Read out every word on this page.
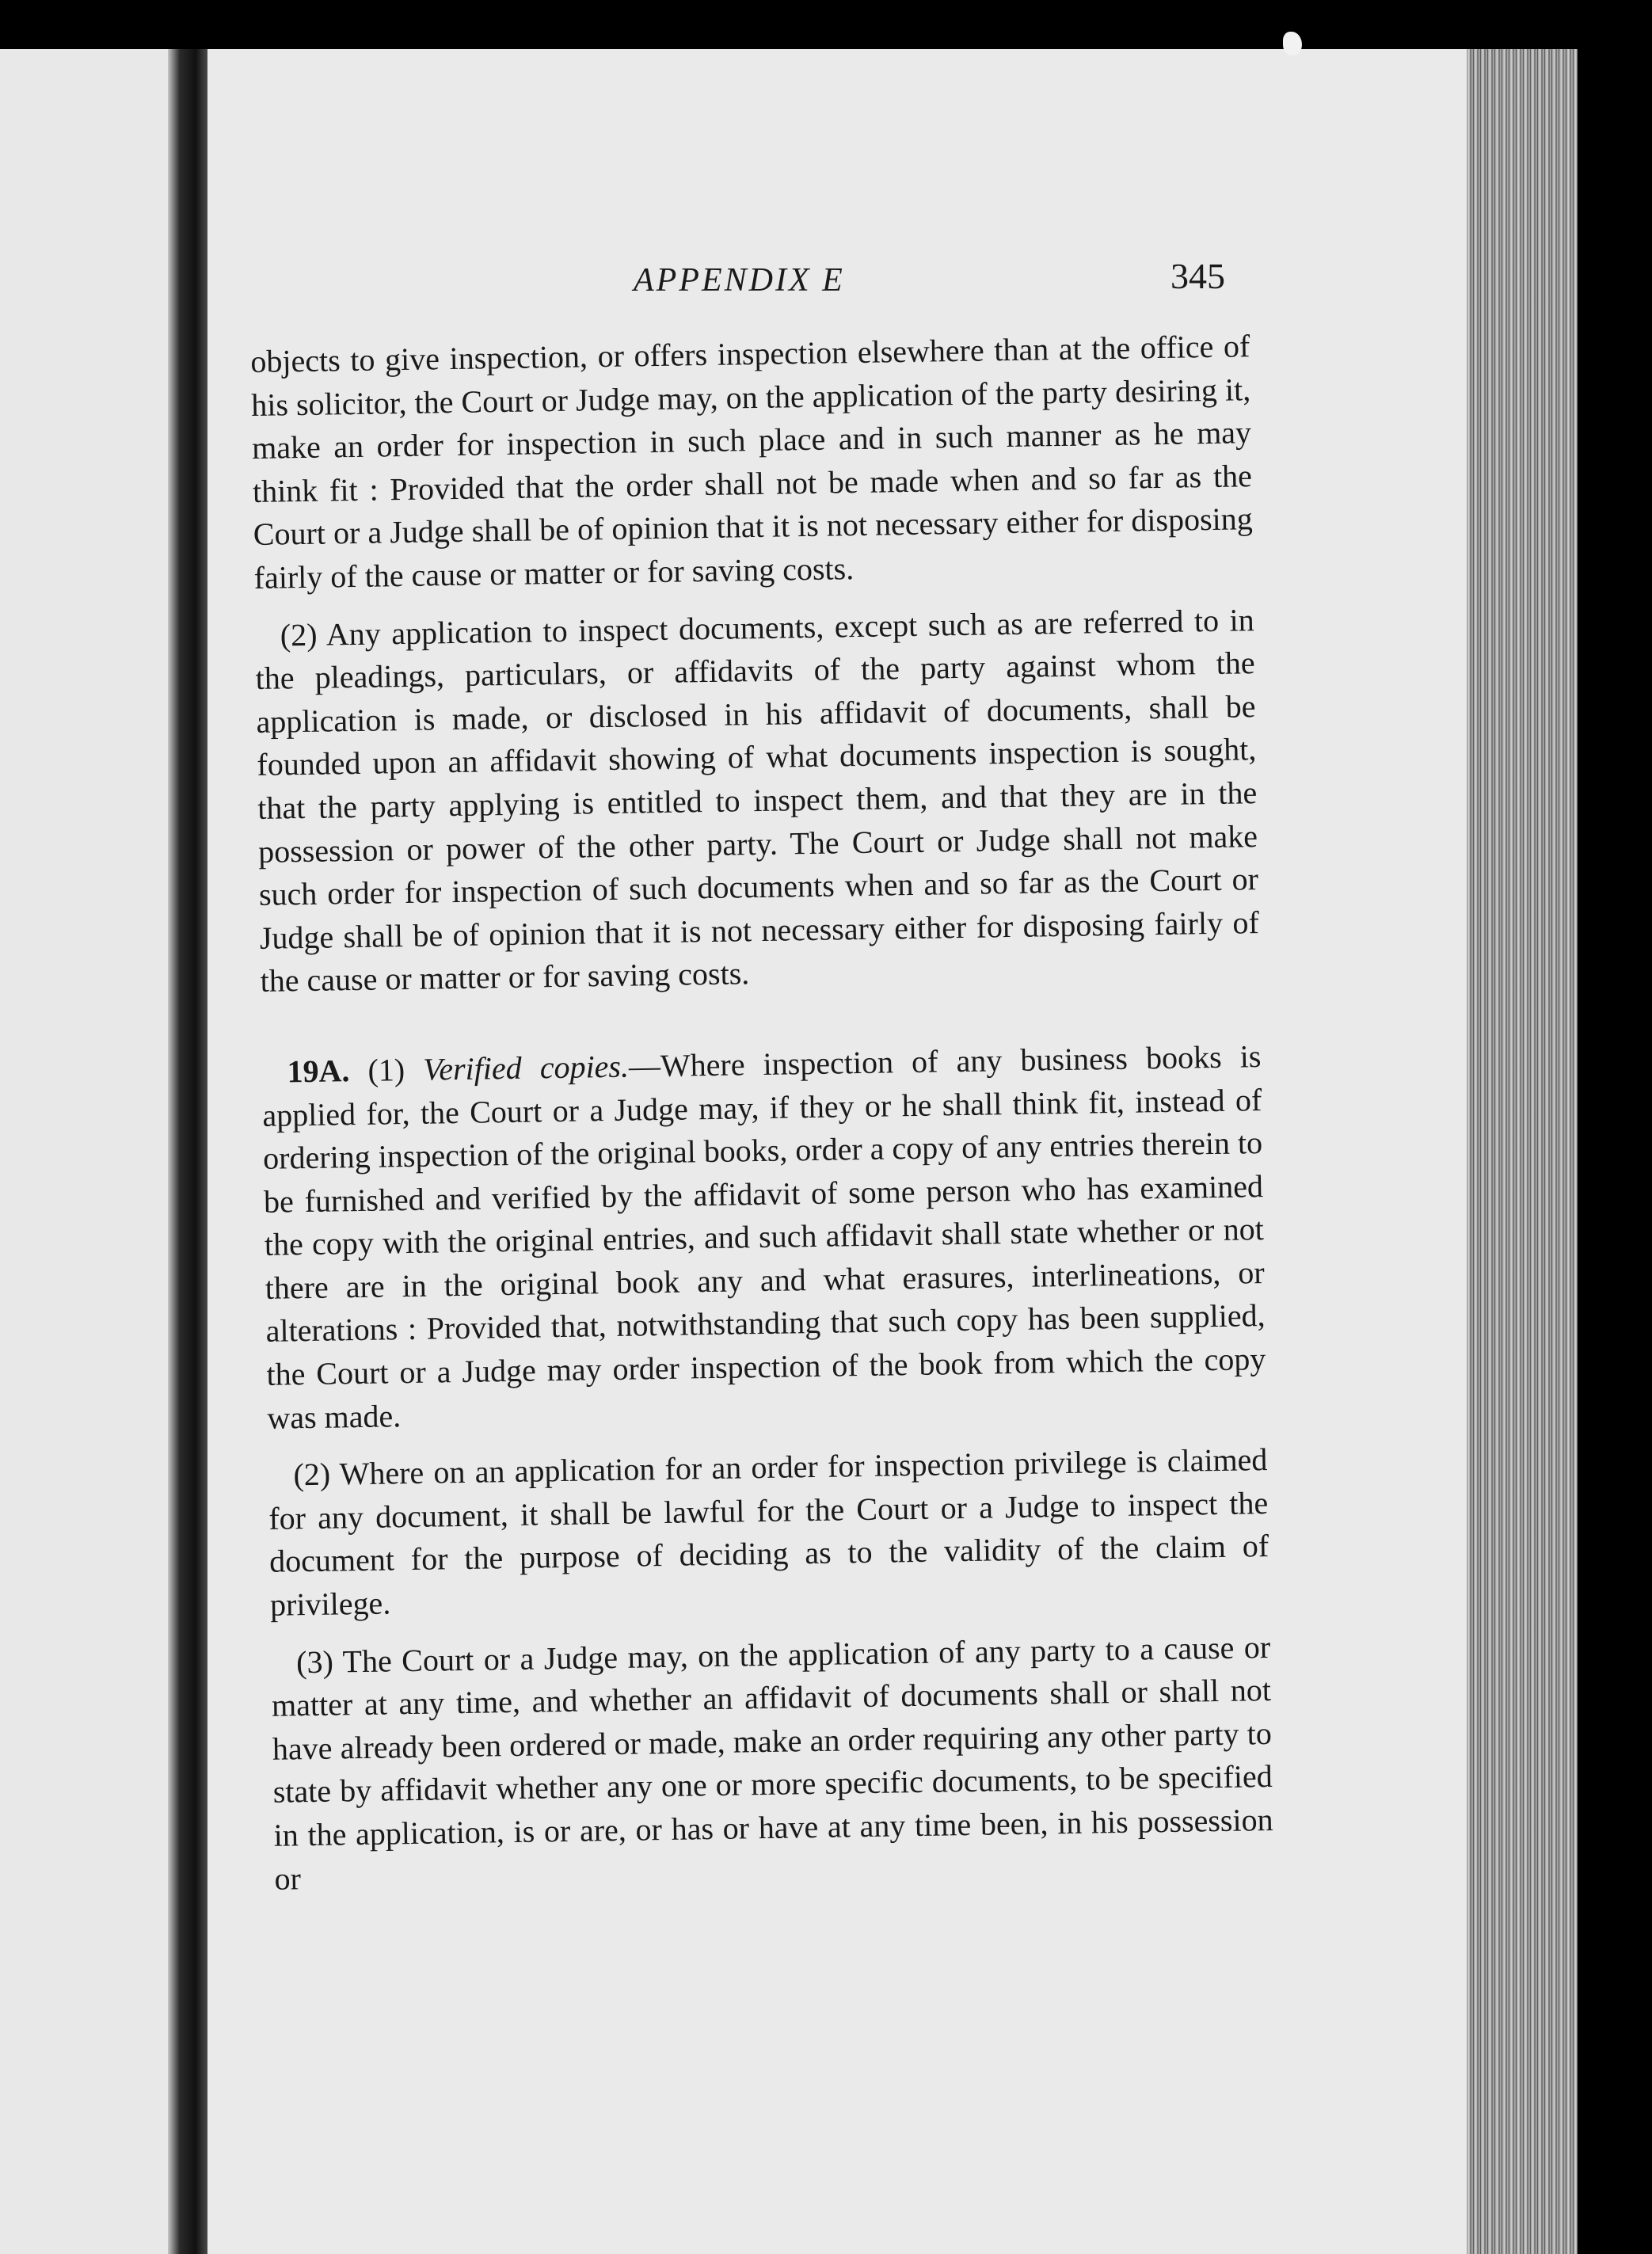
APPENDIX E	345

objects to give inspection, or offers inspection elsewhere than at the office of his solicitor, the Court or Judge may, on the application of the party desiring it, make an order for inspection in such place and in such manner as he may think fit : Provided that the order shall not be made when and so far as the Court or a Judge shall be of opinion that it is not necessary either for disposing fairly of the cause or matter or for saving costs.

(2) Any application to inspect documents, except such as are referred to in the pleadings, particulars, or affidavits of the party against whom the application is made, or disclosed in his affidavit of documents, shall be founded upon an affidavit showing of what documents inspection is sought, that the party applying is entitled to inspect them, and that they are in the possession or power of the other party. The Court or Judge shall not make such order for inspection of such documents when and so far as the Court or Judge shall be of opinion that it is not necessary either for disposing fairly of the cause or matter or for saving costs.

19A. (1) Verified copies.—Where inspection of any business books is applied for, the Court or a Judge may, if they or he shall think fit, instead of ordering inspection of the original books, order a copy of any entries therein to be furnished and verified by the affidavit of some person who has examined the copy with the original entries, and such affidavit shall state whether or not there are in the original book any and what erasures, interlineations, or alterations : Provided that, notwithstanding that such copy has been supplied, the Court or a Judge may order inspection of the book from which the copy was made.

(2) Where on an application for an order for inspection privilege is claimed for any document, it shall be lawful for the Court or a Judge to inspect the document for the purpose of deciding as to the validity of the claim of privilege.

(3) The Court or a Judge may, on the application of any party to a cause or matter at any time, and whether an affidavit of documents shall or shall not have already been ordered or made, make an order requiring any other party to state by affidavit whether any one or more specific documents, to be specified in the application, is or are, or has or have at any time been, in his possession or
